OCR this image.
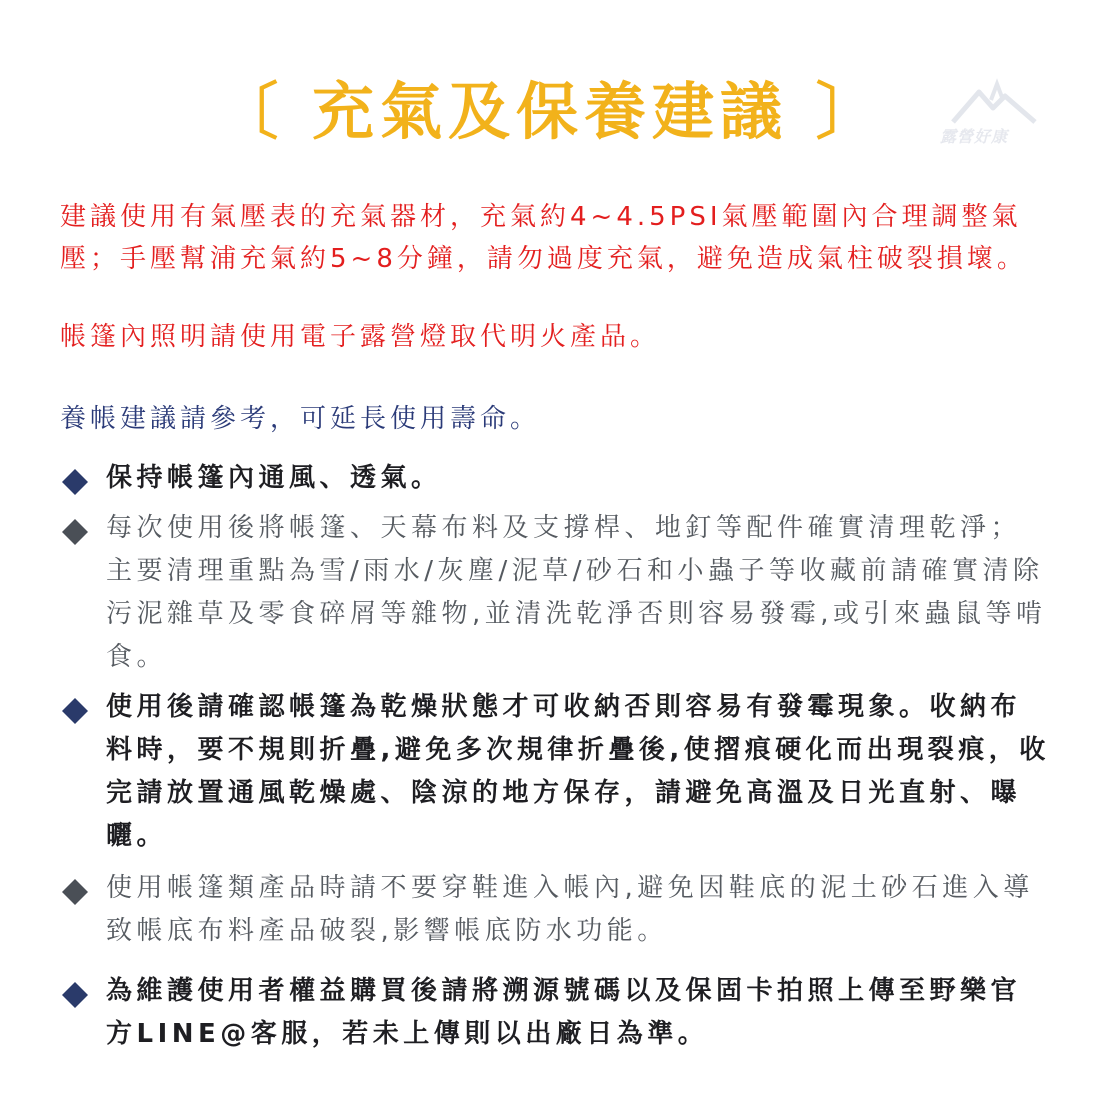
〔 充氣及保養建議 〕	露營好康

建議使用有氣壓表的充氣器材，充氣約4~4.5PSI氣壓範圍內合理調整氣壓；手壓幫浦充氣約5~8分鐘，請勿過度充氣，避免造成氣柱破裂損壞。

帳篷內照明請使用電子露營燈取代明火產品。

養帳建議請參考，可延長使用壽命。

保持帳篷內通風、透氣。

每次使用後將帳篷、天幕布料及支撐桿、地釘等配件確實清理乾淨；主要清理重點為雪/雨水/灰塵/泥草/砂石和小蟲子等收藏前請確實清除污泥雜草及零食碎屑等雜物,並清洗乾淨否則容易發霉,或引來蟲鼠等啃食。

使用後請確認帳篷為乾燥狀態才可收納否則容易有發霉現象。收納布料時，要不規則折疊,避免多次規律折疊後,使摺痕硬化而出現裂痕，收完請放置通風乾燥處、陰涼的地方保存，請避免高溫及日光直射、曝曬。

使用帳篷類產品時請不要穿鞋進入帳內,避免因鞋底的泥土砂石進入導致帳底布料產品破裂,影響帳底防水功能。

為維護使用者權益購買後請將溯源號碼以及保固卡拍照上傳至野樂官方LINE@客服，若未上傳則以出廠日為準。
